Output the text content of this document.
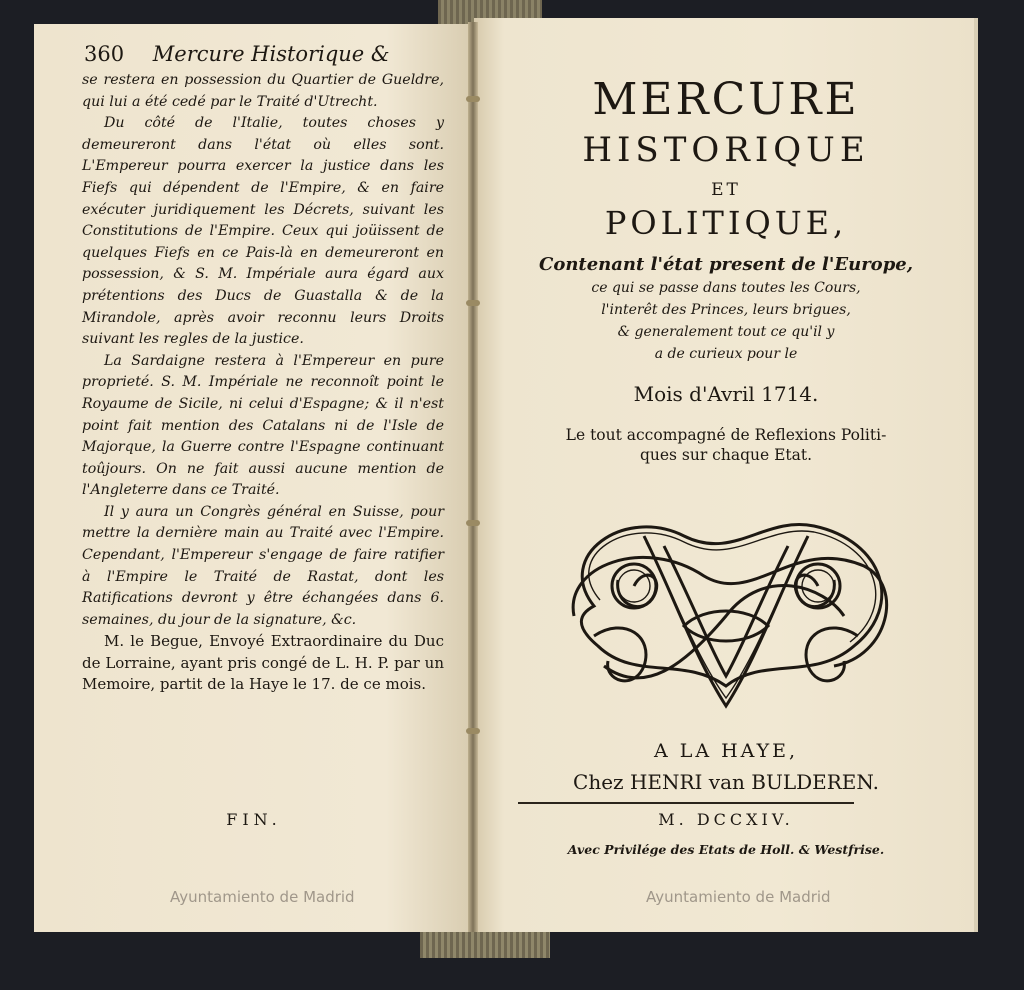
360 Mercure Historique &

se restera en possession du Quartier de Gueldre, qui lui a été cedé par le Traité d'Utrecht.

Du côté de l'Italie, toutes choses y demeureront dans l'état où elles sont. L'Empereur pourra exercer la justice dans les Fiefs qui dépendent de l'Empire, & en faire exécuter juridiquement les Décrets, suivant les Constitutions de l'Empire. Ceux qui joüissent de quelques Fiefs en ce Pais-là en demeureront en possession, & S. M. Impériale aura égard aux prétentions des Ducs de Guastalla & de la Mirandole, après avoir reconnu leurs Droits suivant les regles de la justice.

La Sardaigne restera à l'Empereur en pure proprieté. S. M. Impériale ne reconnoît point le Royaume de Sicile, ni celui d'Espagne; & il n'est point fait mention des Catalans ni de l'Isle de Majorque, la Guerre contre l'Espagne continuant toûjours. On ne fait aussi aucune mention de l'Angleterre dans ce Traité.

Il y aura un Congrès général en Suisse, pour mettre la dernière main au Traité avec l'Empire. Cependant, l'Empereur s'engage de faire ratifier à l'Empire le Traité de Rastat, dont les Ratifications devront y être échangées dans 6. semaines, du jour de la signature, &c.

M. le Begue, Envoyé Extraordinaire du Duc de Lorraine, ayant pris congé de L. H. P. par un Memoire, partit de la Haye le 17. de ce mois.

FIN.
Ayuntamiento de Madrid
MERCURE
HISTORIQUE
ET
POLITIQUE,
Contenant l'état present de l'Europe,
ce qui se passe dans toutes les Cours,
l'interêt des Princes, leurs brigues,
& generalement tout ce qu'il y
a de curieux pour le
Mois d'Avril 1714.
Le tout accompagné de Reflexions Politi-
ques sur chaque Etat.
A LA HAYE,
Chez HENRI van BULDEREN.
M. DCCXIV.
Avec Privilége des Etats de Holl. & Westfrise.
Ayuntamiento de Madrid
